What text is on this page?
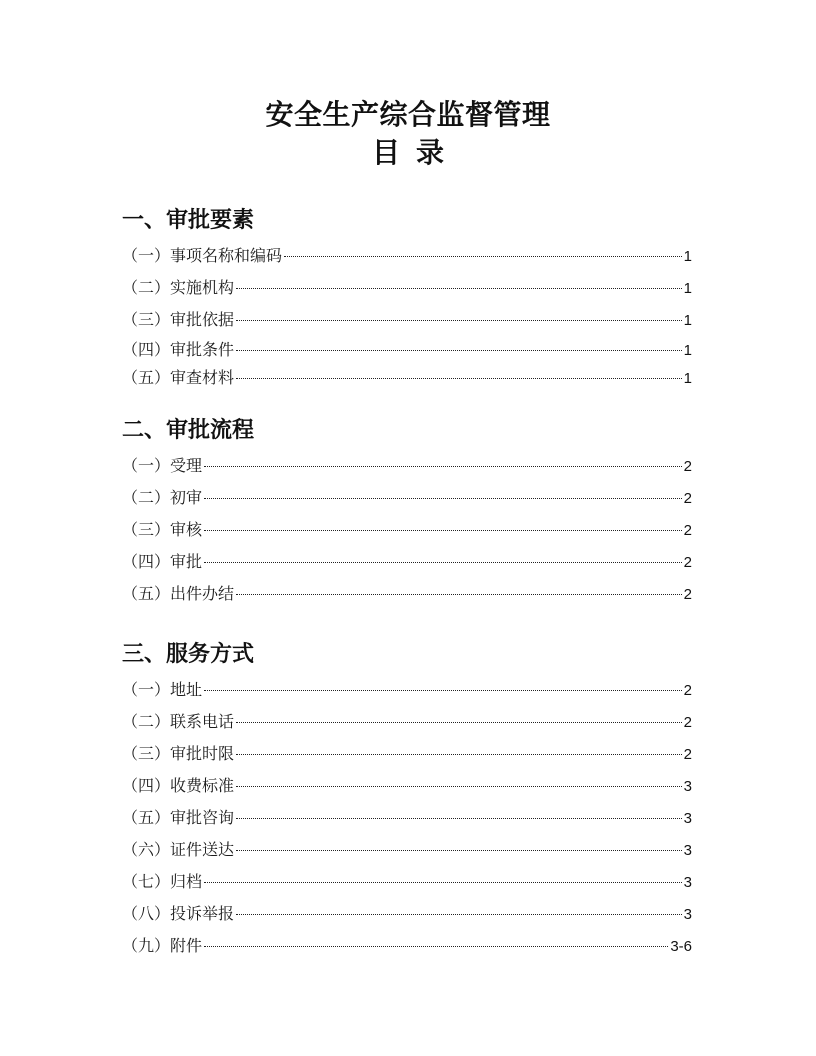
安全生产综合监督管理
目录
一、审批要素
（一）事项名称和编码	1
（二）实施机构	1
（三）审批依据	1
（四）审批条件	1
（五）审查材料	1
二、审批流程
（一）受理	2
（二）初审	2
（三）审核	2
（四）审批	2
（五）出件办结	2
三、服务方式
（一）地址	2
（二）联系电话	2
（三）审批时限	2
（四）收费标准	3
（五）审批咨询	3
（六）证件送达	3
（七）归档	3
（八）投诉举报	3
（九）附件	3-6
